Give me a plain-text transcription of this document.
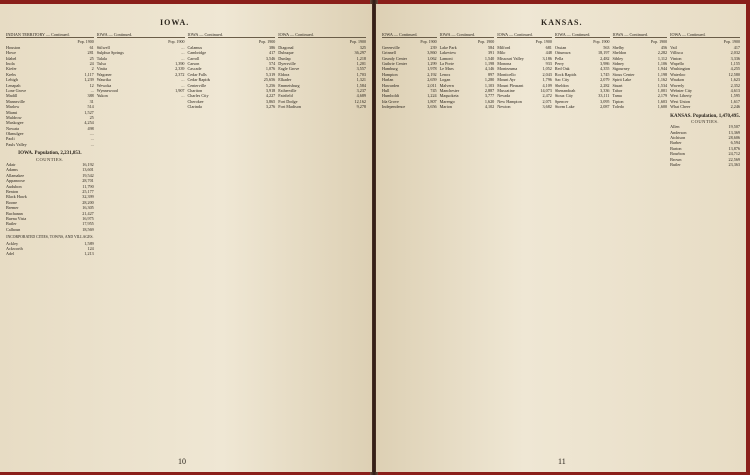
IOWA.
INDIAN TERRITORY — Continued.
Pop. 1900
Houston	61
Howe	281
Idabel	25
Inola	24
Kiefer	2
Krebs	1,117
Lehigh	1,239
Lenapah	12
Lone Grove	...
Madill	388
Mannsville	31
Marlow	514
Miami	1,527
Muldrow	25
Muskogee	4,254
Nowata	498
Okmulgee	....
Paoli	...
Pauls Valley	...
IOWA. Population, 2,231,853.
COUNTIES.
Adair	16,192
Adams	13,601
Allamakee	19,542
Appanoose	28,701
Audubon	11,790
Benton	25,177
Black Hawk	32,399
Boone	28,200
Bremer	16,305
Buchanan	21,427
Buena Vista	16,975
Butler	17,955
Calhoun	18,569
INCORPORATED CITIES, TOWNS, AND VILLAGES.
Ackley	1,589
Ackworth	124
Adel	1,213
IOWA — Continued.
Pop. 1900
Stilwell	...
Sulphur Springs	...
Talala	...
Tulsa	1,390
Vinita	2,339
Wagoner	2,372
Waurika	...
Wewoka	...
Wynnewood	1,907
Yukon	...
IOWA — Continued.
Pop. 1900
Calamus	386
Cambridge	417
Carroll	3,546
Carson	574
Cascade	1,076
Cedar Falls	5,319
Cedar Rapids	25,656
Centerville	5,256
Chariton	3,918
Charles City	4,227
Cherokee	3,865
Clarinda	3,276
IOWA — Continued.
Pop. 1900
Diagonal	325
Dubuque	36,297
Dunlap	1,218
Dyersville	1,201
Eagle Grove	3,557
Eldora	1,703
Elkader	1,321
Emmetsburg	1,584
Estherville	3,237
Fairfield	4,689
Fort Dodge	12,162
Fort Madison	9,278
10
KANSAS.
IOWA — Continued.
Pop. 1900
Greenville	239
Grinnell	3,860
Grundy Center	1,062
Guthrie Center	1,299
Hamburg	1,978
Hampton	2,192
Harlan	2,659
Hawarden	2,011
Hull	745
Humboldt	1,224
Ida Grove	1,807
Independence	3,656
IOWA — Continued.
Pop. 1900
Lake Park	584
Lakeview	391
Lamoni	1,540
La Porte	1,198
Le Mars	4,146
Lenox	897
Logan	1,280
Malvern	1,103
Manchester	2,887
Maquoketa	3,777
Marengo	1,620
Marion	4,102
IOWA — Continued.
Pop. 1900
Milford	681
Milo	448
Missouri Valley	3,186
Monona	933
Montezuma	1,052
Monticello	2,043
Mount Ayr	1,796
Mount Pleasant	4,109
Muscatine	14,073
Nevada	2,472
New Hampton	2,071
Newton	3,682
IOWA — Continued.
Pop. 1900
Ossian	563
Ottumwa	18,197
Pella	2,482
Perry	3,986
Red Oak	4,355
Rock Rapids	1,745
Sac City	2,079
Sheldon	2,282
Shenandoah	3,336
Sioux City	33,111
Spencer	3,095
Storm Lake	2,087
IOWA — Continued.
Pop. 1900
Shelby	456
Sheldon	2,282
Sibley	1,112
Sidney	1,106
Sigourney	1,944
Sioux Center	1,198
Spirit Lake	1,162
Stuart	1,534
Tabor	1,001
Tama	2,179
Tipton	1,603
Toledo	1,600
IOWA — Continued.
Pop. 1900
Vail	417
Villisca	2,032
Vinton	3,336
Wapello	1,155
Washington	4,255
Waterloo	12,580
Waukon	1,623
Waverly	2,352
Webster City	4,613
West Liberty	1,595
West Union	1,617
What Cheer	2,246
KANSAS. Population, 1,470,495.
COUNTIES.
Allen	19,507
Anderson	13,369
Atchison	28,606
Barber	6,594
Barton	13,876
Bourbon	24,712
Brown	22,569
Butler	23,363
11
